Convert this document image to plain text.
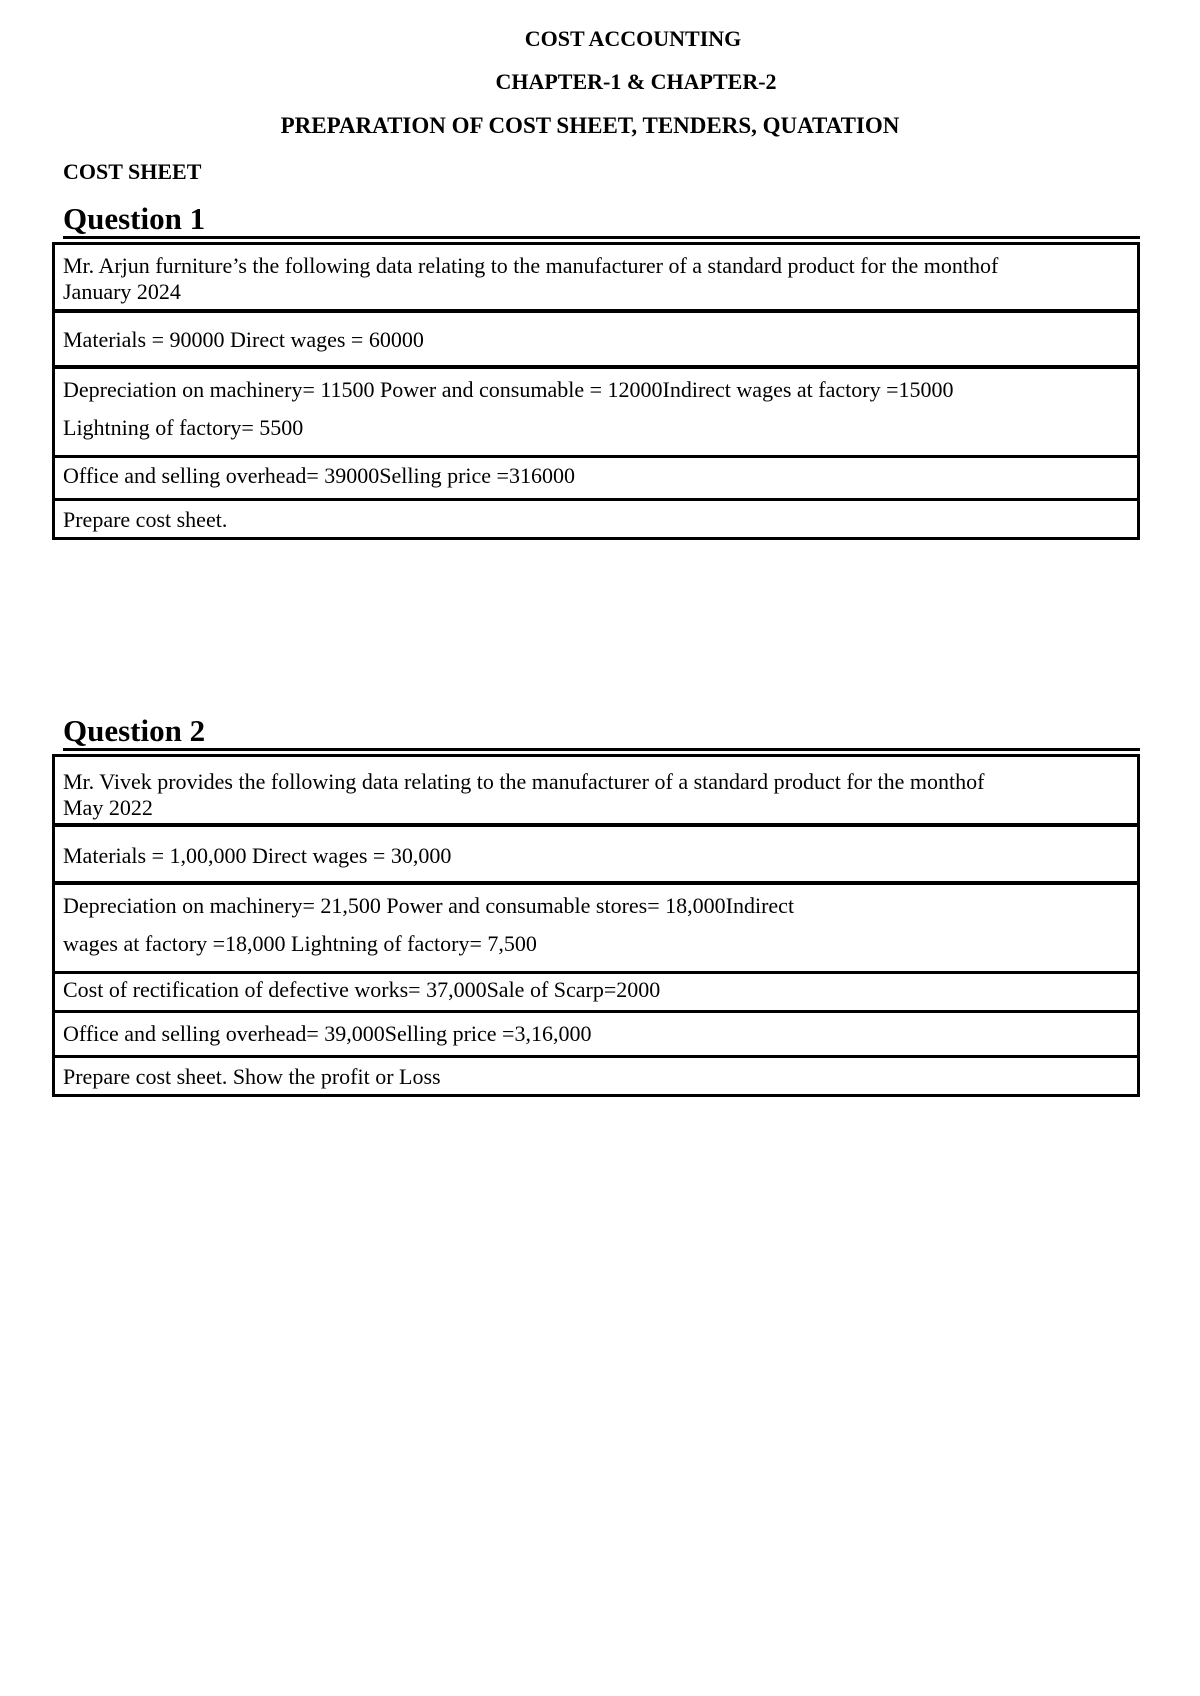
COST ACCOUNTING
CHAPTER-1 & CHAPTER-2
PREPARATION OF COST SHEET, TENDERS, QUATATION
COST SHEET
Question 1

Mr. Arjun furniture’s the following data relating to the manufacturer of a standard product for the monthof

January 2024

Materials = 90000 Direct wages = 60000

Depreciation on machinery= 11500 Power and consumable = 12000Indirect wages at factory =15000

Lightning of factory= 5500

Office and selling overhead= 39000Selling price =316000

Prepare cost sheet.

Question 2

Mr. Vivek provides the following data relating to the manufacturer of a standard product for the monthof

May 2022

Materials = 1,00,000 Direct wages = 30,000

Depreciation on machinery= 21,500 Power and consumable stores= 18,000Indirect

wages at factory =18,000 Lightning of factory= 7,500

Cost of rectification of defective works= 37,000Sale of Scarp=2000

Office and selling overhead= 39,000Selling price =3,16,000

Prepare cost sheet. Show the profit or Loss
